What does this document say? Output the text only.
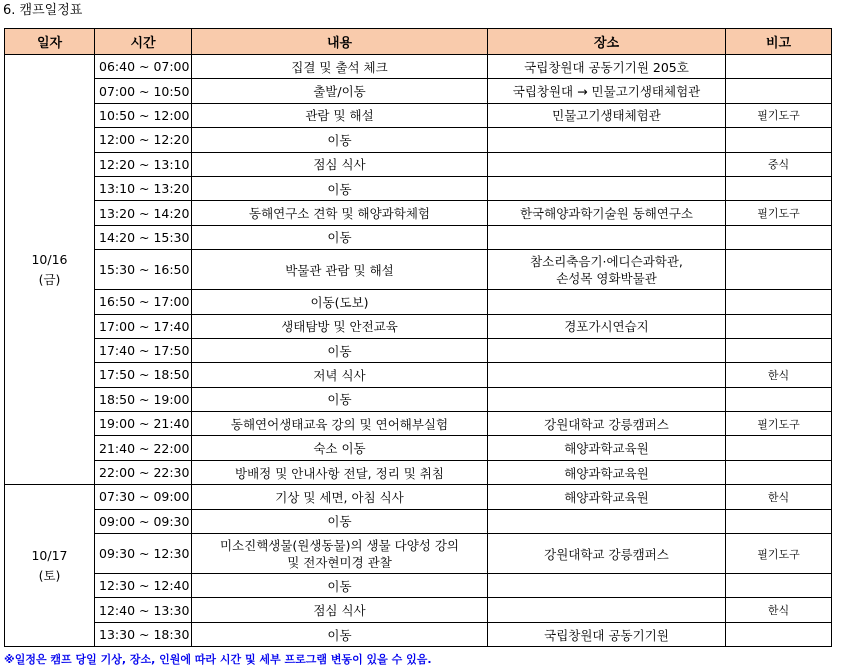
6. 캠프일정표
일자	시간	내용	장소	비고

10/16
(금)	06:40 ~ 07:00	집결 및 출석 체크	국립창원대 공동기기원 205호	
	07:00 ~ 10:50	출발/이동	국립창원대 → 민물고기생태체험관	
	10:50 ~ 12:00	관람 및 해설	민물고기생태체험관	필기도구
	12:00 ~ 12:20	이동		
	12:20 ~ 13:10	점심 식사		중식
	13:10 ~ 13:20	이동		
	13:20 ~ 14:20	동해연구소 견학 및 해양과학체험	한국해양과학기술원 동해연구소	필기도구
	14:20 ~ 15:30	이동		
	15:30 ~ 16:50	박물관 관람 및 해설	참소리축음기·에디슨과학관,
손성목 영화박물관	
	16:50 ~ 17:00	이동(도보)		
	17:00 ~ 17:40	생태탐방 및 안전교육	경포가시연습지	
	17:40 ~ 17:50	이동		
	17:50 ~ 18:50	저녁 식사		한식
	18:50 ~ 19:00	이동		
	19:00 ~ 21:40	동해연어생태교육 강의 및 연어해부실험	강원대학교 강릉캠퍼스	필기도구
	21:40 ~ 22:00	숙소 이동	해양과학교육원	
	22:00 ~ 22:30	방배정 및 안내사항 전달, 정리 및 취침	해양과학교육원	

10/17
(토)	07:30 ~ 09:00	기상 및 세면, 아침 식사	해양과학교육원	한식
	09:00 ~ 09:30	이동		
	09:30 ~ 12:30	미소진핵생물(원생동물)의 생물 다양성 강의
및 전자현미경 관찰	강원대학교 강릉캠퍼스	필기도구
	12:30 ~ 12:40	이동		
	12:40 ~ 13:30	점심 식사		한식
	13:30 ~ 18:30	이동	국립창원대 공동기기원	
※일정은 캠프 당일 기상, 장소, 인원에 따라 시간 및 세부 프로그램 변동이 있을 수 있음.
